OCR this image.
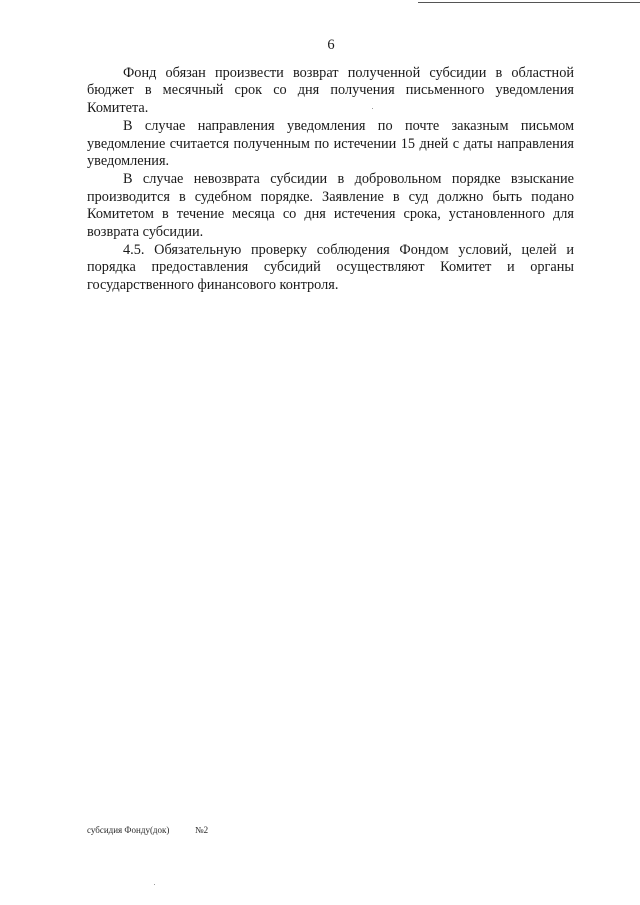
6

Фонд обязан произвести возврат полученной субсидии в областной бюджет в месячный срок со дня получения письменного уведомления Комитета.

В случае направления уведомления по почте заказным письмом уведомление считается полученным по истечении 15 дней с даты направления уведомления.

В случае невозврата субсидии в добровольном порядке взыскание производится в судебном порядке. Заявление в суд должно быть подано Комитетом в течение месяца со дня истечения срока, установленного для возврата субсидии.

4.5. Обязательную проверку соблюдения Фондом условий, целей и порядка предоставления субсидий осуществляют Комитет и органы государственного финансового контроля.

субсидия Фонду(док)	№2
